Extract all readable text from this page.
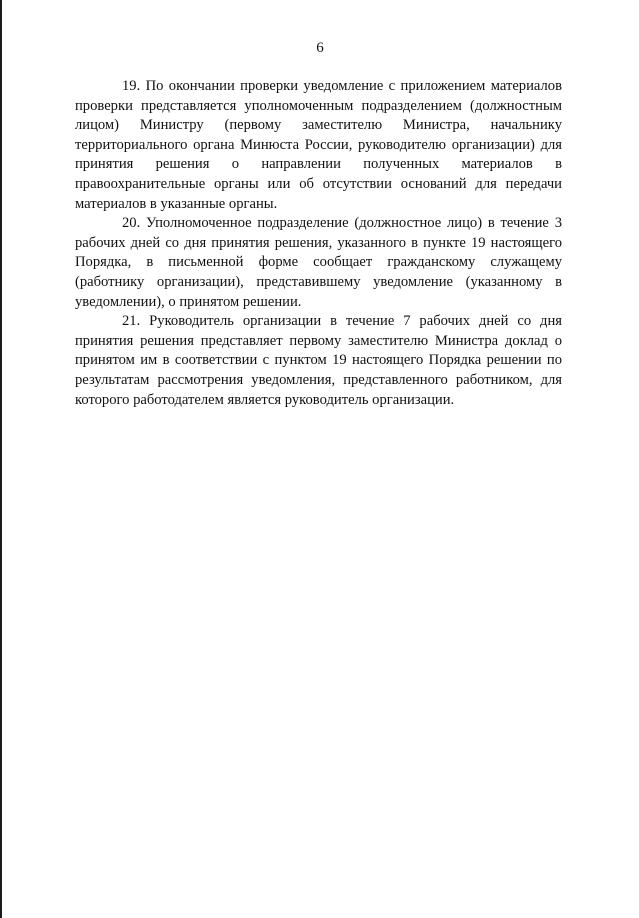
6

19. По окончании проверки уведомление с приложением материалов проверки представляется уполномоченным подразделением (должностным лицом) Министру (первому заместителю Министра, начальнику территориального органа Минюста России, руководителю организации) для принятия решения о направлении полученных материалов в правоохранительные органы или об отсутствии оснований для передачи материалов в указанные органы.

20. Уполномоченное подразделение (должностное лицо) в течение 3 рабочих дней со дня принятия решения, указанного в пункте 19 настоящего Порядка, в письменной форме сообщает гражданскому служащему (работнику организации), представившему уведомление (указанному в уведомлении), о принятом решении.

21. Руководитель организации в течение 7 рабочих дней со дня принятия решения представляет первому заместителю Министра доклад о принятом им в соответствии с пунктом 19 настоящего Порядка решении по результатам рассмотрения уведомления, представленного работником, для которого работодателем является руководитель организации.
